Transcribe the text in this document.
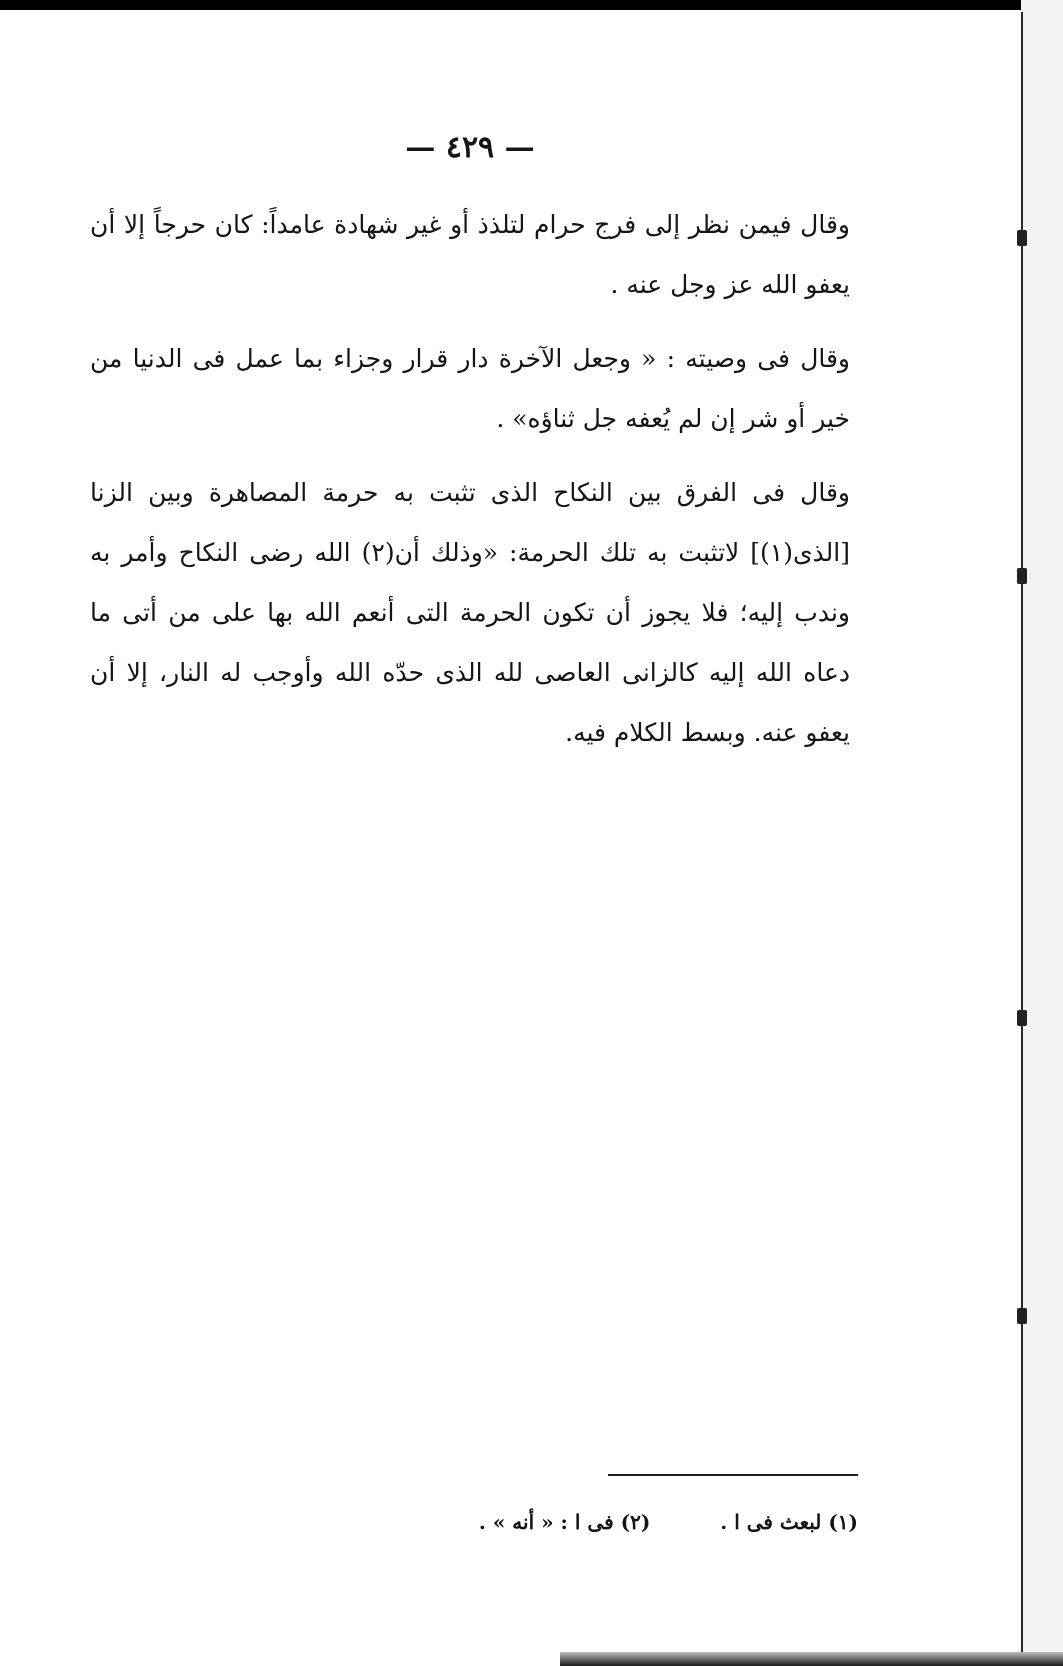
— ٤٢٩ —

وقال فيمن نظر إلى فرج حرام لتلذذ أو غير شهادة عامداً: كان حرجاً إلا أن يعفو الله عز وجل عنه .

وقال فى وصيته : « وجعل الآخرة دار قرار وجزاء بما عمل فى الدنيا من خير أو شر إن لم يُعفه جل ثناؤه» .

وقال فى الفرق بين النكاح الذى تثبت به حرمة المصاهرة وبين الزنا [الذى(١)] لاتثبت به تلك الحرمة: «وذلك أن(٢) الله رضى النكاح وأمر به وندب إليه؛ فلا يجوز أن تكون الحرمة التى أنعم الله بها على من أتى ما دعاه الله إليه كالزانى العاصى لله الذى حدّه الله وأوجب له النار، إلا أن يعفو عنه. وبسط الكلام فيه.

(١) لبعث فى ا .
(٢) فى ا : « أنه » .
